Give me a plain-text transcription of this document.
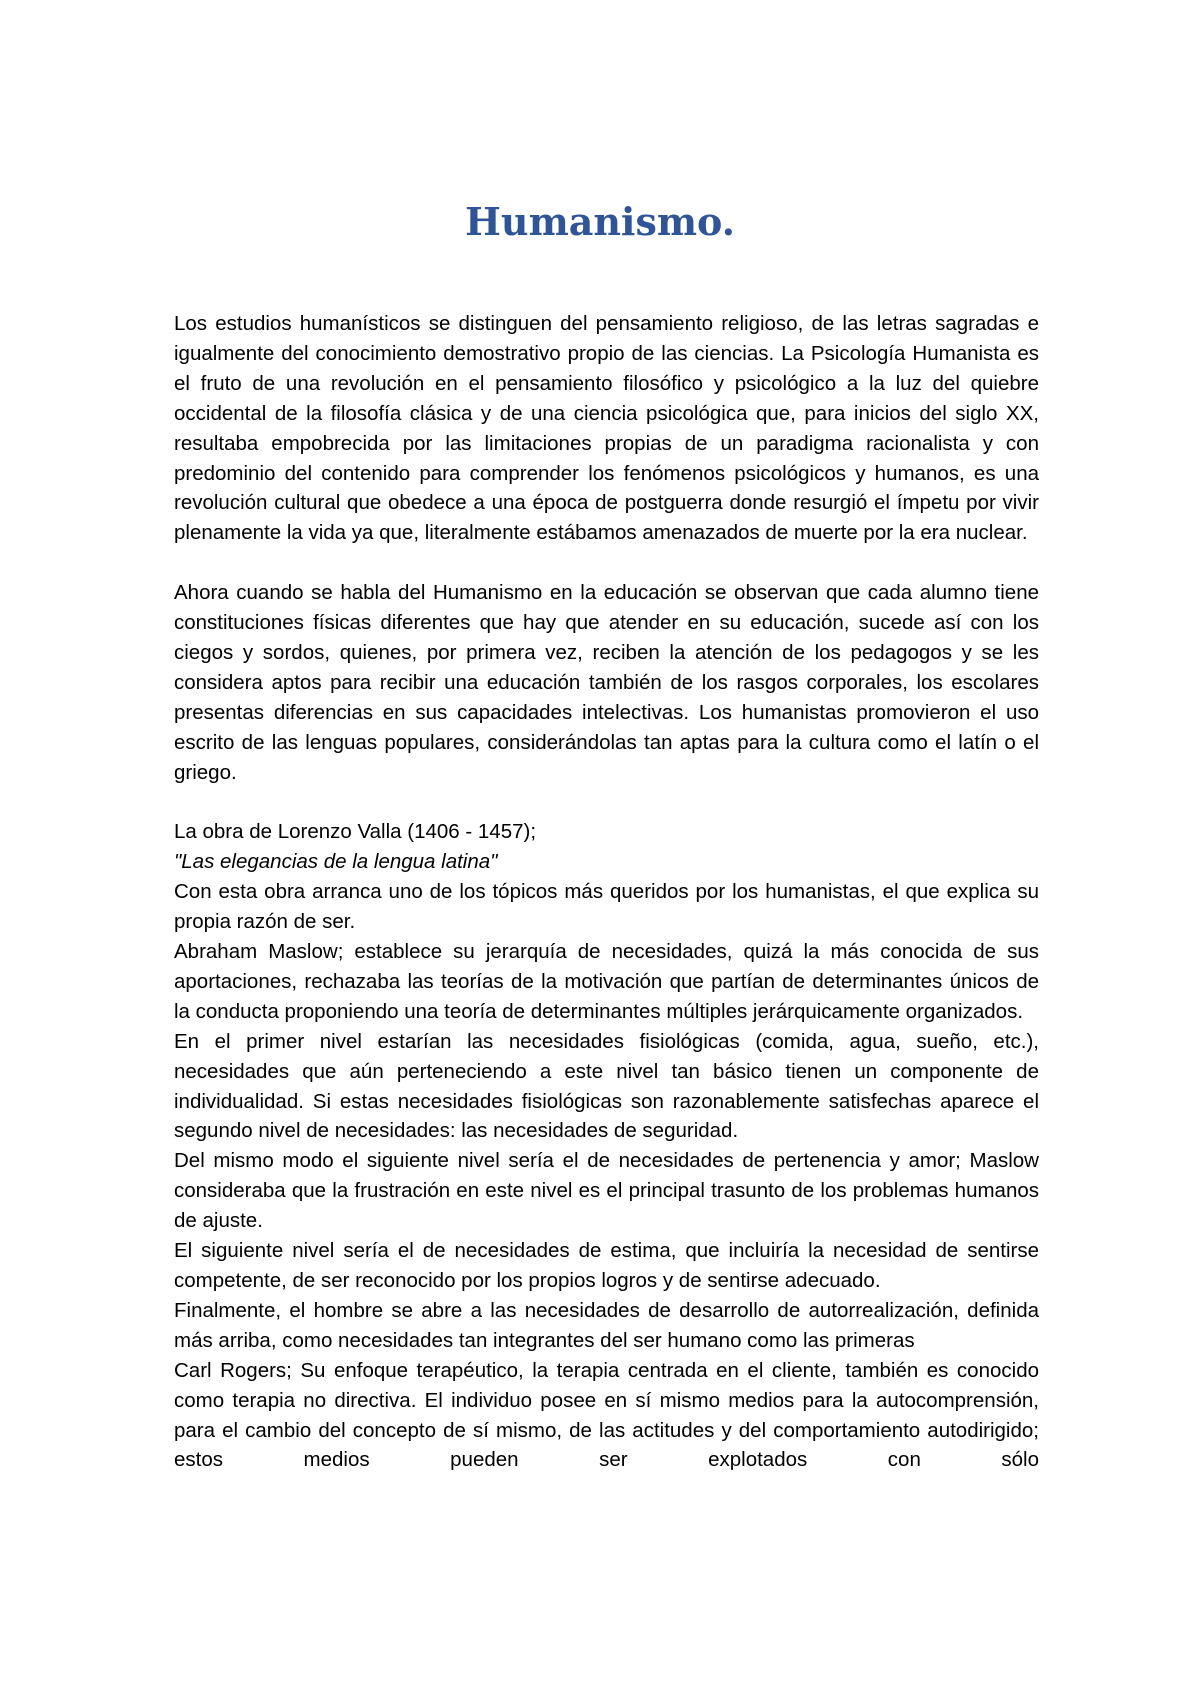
Humanismo.

Los estudios humanísticos se distinguen del pensamiento religioso, de las letras sagradas e igualmente del conocimiento demostrativo propio de las ciencias. La Psicología Humanista es el fruto de una revolución en el pensamiento filosófico y psicológico a la luz del quiebre occidental de la filosofía clásica y de una ciencia psicológica que, para inicios del siglo XX, resultaba empobrecida por las limitaciones propias de un paradigma racionalista y con predominio del contenido para comprender los fenómenos psicológicos y humanos, es una revolución cultural que obedece a una época de postguerra donde resurgió el ímpetu por vivir plenamente la vida ya que, literalmente estábamos amenazados de muerte por la era nuclear.

Ahora cuando se habla del Humanismo en la educación se observan que cada alumno tiene constituciones físicas diferentes que hay que atender en su educación, sucede así con los ciegos y sordos, quienes, por primera vez, reciben la atención de los pedagogos y se les considera aptos para recibir una educación también de los rasgos corporales, los escolares presentas diferencias en sus capacidades intelectivas. Los humanistas promovieron el uso escrito de las lenguas populares, considerándolas tan aptas para la cultura como el latín o el griego.

La obra de Lorenzo Valla (1406 - 1457);

"Las elegancias de la lengua latina"

Con esta obra arranca uno de los tópicos más queridos por los humanistas, el que explica su propia razón de ser.

Abraham Maslow; establece su jerarquía de necesidades, quizá la más conocida de sus aportaciones, rechazaba las teorías de la motivación que partían de determinantes únicos de la conducta proponiendo una teoría de determinantes múltiples jerárquicamente organizados.

En el primer nivel estarían las necesidades fisiológicas (comida, agua, sueño, etc.), necesidades que aún perteneciendo a este nivel tan básico tienen un componente de individualidad. Si estas necesidades fisiológicas son razonablemente satisfechas aparece el segundo nivel de necesidades: las necesidades de seguridad.

Del mismo modo el siguiente nivel sería el de necesidades de pertenencia y amor; Maslow consideraba que la frustración en este nivel es el principal trasunto de los problemas humanos de ajuste.

El siguiente nivel sería el de necesidades de estima, que incluiría la necesidad de sentirse competente, de ser reconocido por los propios logros y de sentirse adecuado.

Finalmente, el hombre se abre a las necesidades de desarrollo de autorrealización, definida más arriba, como necesidades tan integrantes del ser humano como las primeras

Carl Rogers; Su enfoque terapéutico, la terapia centrada en el cliente, también es conocido como terapia no directiva. El individuo posee en sí mismo medios para la autocomprensión, para el cambio del concepto de sí mismo, de las actitudes y del comportamiento autodirigido; estos medios pueden ser explotados con sólo
